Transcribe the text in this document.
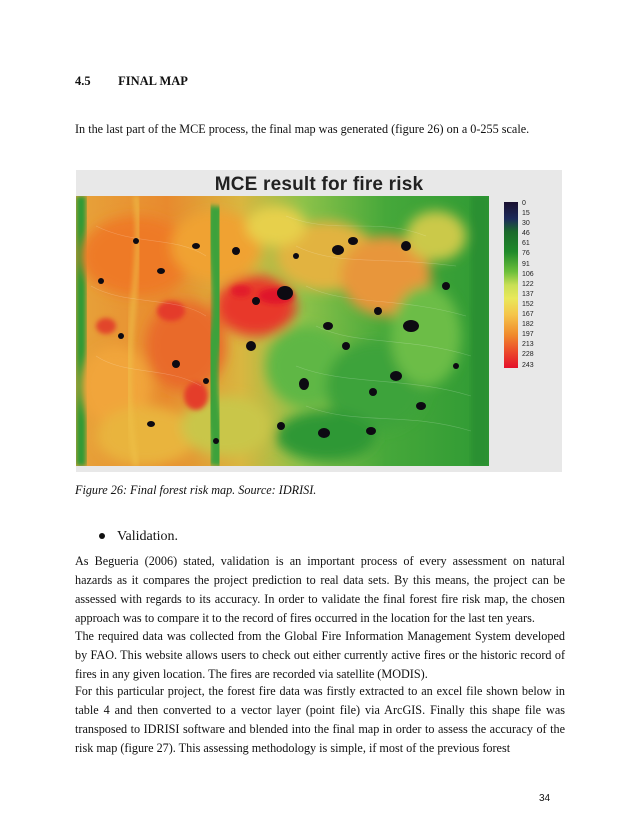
4.5 FINAL MAP

In the last part of the MCE process, the final map was generated (figure 26) on a 0-255 scale.

MCE result for fire risk
0
15
30
46
61
76
91
106
122
137
152
167
182
197
213
228
243
Figure 26: Final forest risk map. Source: IDRISI.
Validation.

As Begueria (2006) stated, validation is an important process of every assessment on natural hazards as it compares the project prediction to real data sets. By this means, the project can be assessed with regards to its accuracy. In order to validate the final forest fire risk map, the chosen approach was to compare it to the record of fires occurred in the location for the last ten years.

The required data was collected from the Global Fire Information Management System developed by FAO. This website allows users to check out either currently active fires or the historic record of fires in any given location. The fires are recorded via satellite (MODIS).

For this particular project, the forest fire data was firstly extracted to an excel file shown below in table 4 and then converted to a vector layer (point file) via ArcGIS. Finally this shape file was transposed to IDRISI software and blended into the final map in order to assess the accuracy of the risk map (figure 27). This assessing methodology is simple, if most of the previous forest

34
